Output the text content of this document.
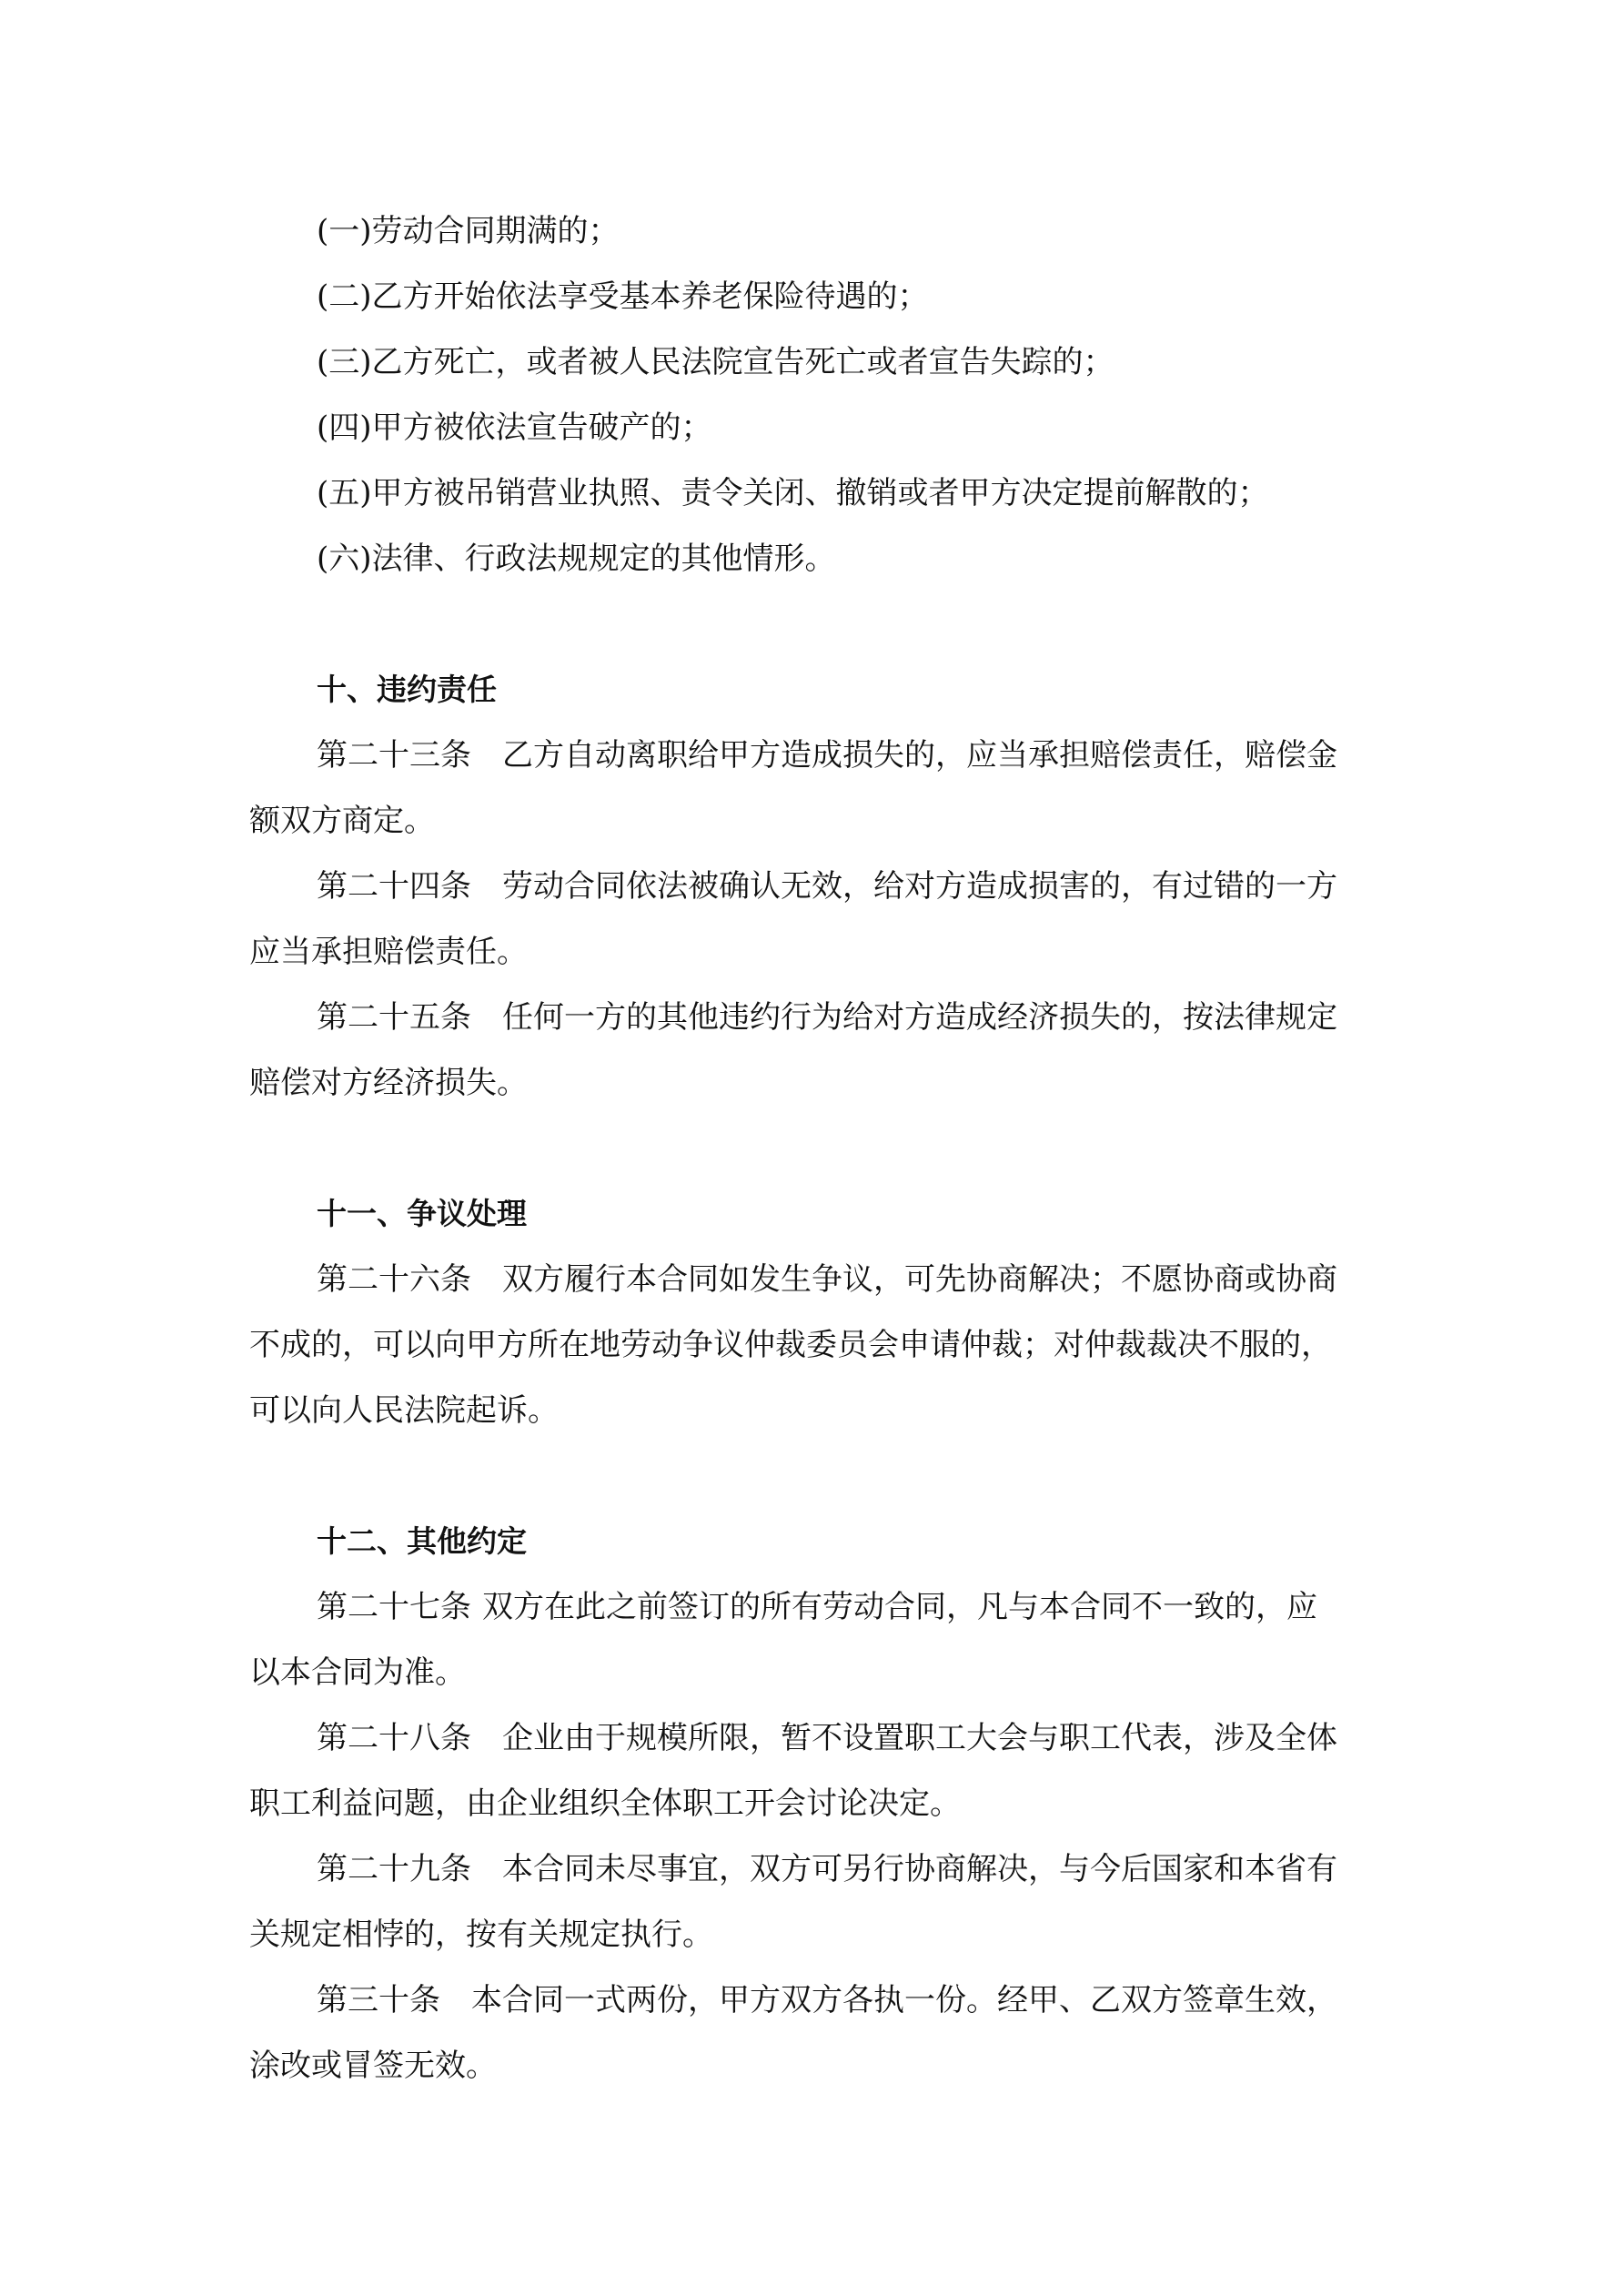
(一)劳动合同期满的；

(二)乙方开始依法享受基本养老保险待遇的；

(三)乙方死亡，或者被人民法院宣告死亡或者宣告失踪的；

(四)甲方被依法宣告破产的；

(五)甲方被吊销营业执照、责令关闭、撤销或者甲方决定提前解散的；

(六)法律、行政法规规定的其他情形。

十、违约责任

第二十三条 乙方自动离职给甲方造成损失的，应当承担赔偿责任，赔偿金

额双方商定。

第二十四条 劳动合同依法被确认无效，给对方造成损害的，有过错的一方

应当承担赔偿责任。

第二十五条 任何一方的其他违约行为给对方造成经济损失的，按法律规定

赔偿对方经济损失。

十一、争议处理

第二十六条 双方履行本合同如发生争议，可先协商解决；不愿协商或协商

不成的，可以向甲方所在地劳动争议仲裁委员会申请仲裁；对仲裁裁决不服的，

可以向人民法院起诉。

十二、其他约定

第二十七条 双方在此之前签订的所有劳动合同，凡与本合同不一致的，应

以本合同为准。

第二十八条 企业由于规模所限，暂不设置职工大会与职工代表，涉及全体

职工利益问题，由企业组织全体职工开会讨论决定。

第二十九条 本合同未尽事宜，双方可另行协商解决，与今后国家和本省有

关规定相悖的，按有关规定执行。

第三十条 本合同一式两份，甲方双方各执一份。经甲、乙双方签章生效，

涂改或冒签无效。
